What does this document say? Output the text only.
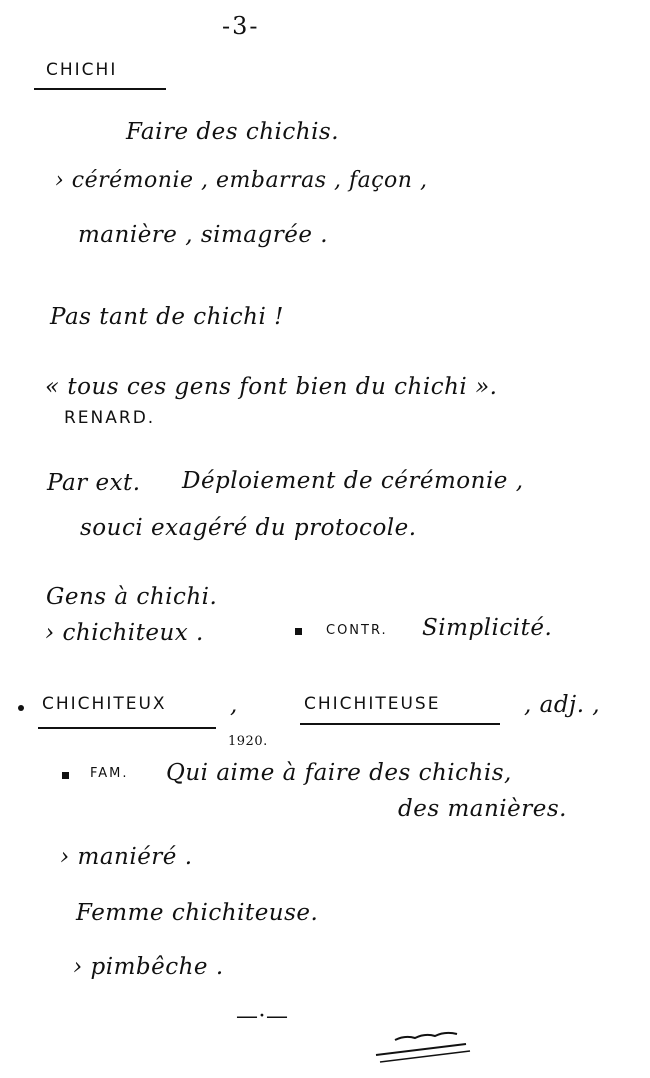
-3-
CHICHI
Faire des chichis.
› cérémonie , embarras , façon ,
manière , simagrée .
Pas tant de chichi !
« tous ces gens font bien du chichi ».
RENARD.
Par ext. Déploiement de cérémonie ,
souci exagéré du protocole.
Gens à chichi.
› chichiteux .	CONTR. Simplicité.
CHICHITEUX	,	CHICHITEUSE	, adj. ,
1920.
FAM. Qui aime à faire des chichis,
des manières.
› maniéré .
Femme chichiteuse.
› pimbêche .
—·—
